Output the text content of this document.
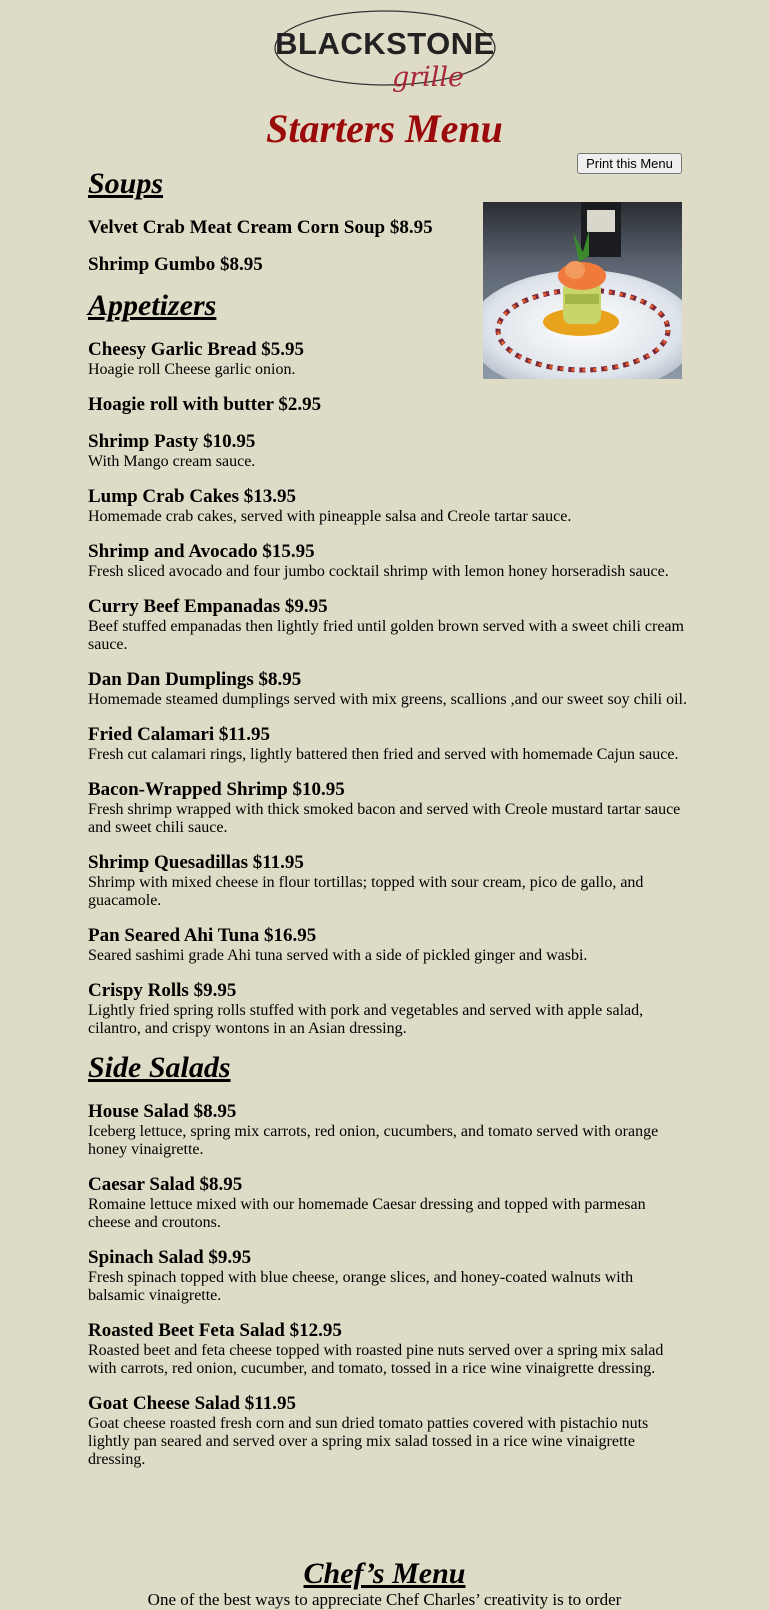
BLACKSTONE
grille
Starters Menu
Print this Menu
Soups

Velvet Crab Meat Cream Corn Soup $8.95

Shrimp Gumbo $8.95

Appetizers

Cheesy Garlic Bread $5.95

Hoagie roll Cheese garlic onion.

Hoagie roll with butter $2.95

Shrimp Pasty $10.95

With Mango cream sauce.

Lump Crab Cakes $13.95

Homemade crab cakes, served with pineapple salsa and Creole tartar sauce.

Shrimp and Avocado $15.95

Fresh sliced avocado and four jumbo cocktail shrimp with lemon honey horseradish sauce.

Curry Beef Empanadas $9.95

Beef stuffed empanadas then lightly fried until golden brown served with a sweet chili cream sauce.

Dan Dan Dumplings $8.95

Homemade steamed dumplings served with mix greens, scallions ,and our sweet soy chili oil.

Fried Calamari $11.95

Fresh cut calamari rings, lightly battered then fried and served with homemade Cajun sauce.

Bacon-Wrapped Shrimp $10.95

Fresh shrimp wrapped with thick smoked bacon and served with Creole mustard tartar sauce and sweet chili sauce.

Shrimp Quesadillas $11.95

Shrimp with mixed cheese in flour tortillas; topped with sour cream, pico de gallo, and guacamole.

Pan Seared Ahi Tuna $16.95

Seared sashimi grade Ahi tuna served with a side of pickled ginger and wasbi.

Crispy Rolls $9.95

Lightly fried spring rolls stuffed with pork and vegetables and served with apple salad, cilantro, and crispy wontons in an Asian dressing.

Side Salads

House Salad $8.95

Iceberg lettuce, spring mix carrots, red onion, cucumbers, and tomato served with orange honey vinaigrette.

Caesar Salad $8.95

Romaine lettuce mixed with our homemade Caesar dressing and topped with parmesan cheese and croutons.

Spinach Salad $9.95

Fresh spinach topped with blue cheese, orange slices, and honey-coated walnuts with balsamic vinaigrette.

Roasted Beet Feta Salad $12.95

Roasted beet and feta cheese topped with roasted pine nuts served over a spring mix salad with carrots, red onion, cucumber, and tomato, tossed in a rice wine vinaigrette dressing.

Goat Cheese Salad $11.95

Goat cheese roasted fresh corn and sun dried tomato patties covered with pistachio nuts lightly pan seared and served over a spring mix salad tossed in a rice wine vinaigrette dressing.

Chef’s Menu

One of the best ways to appreciate Chef Charles’ creativity is to order
